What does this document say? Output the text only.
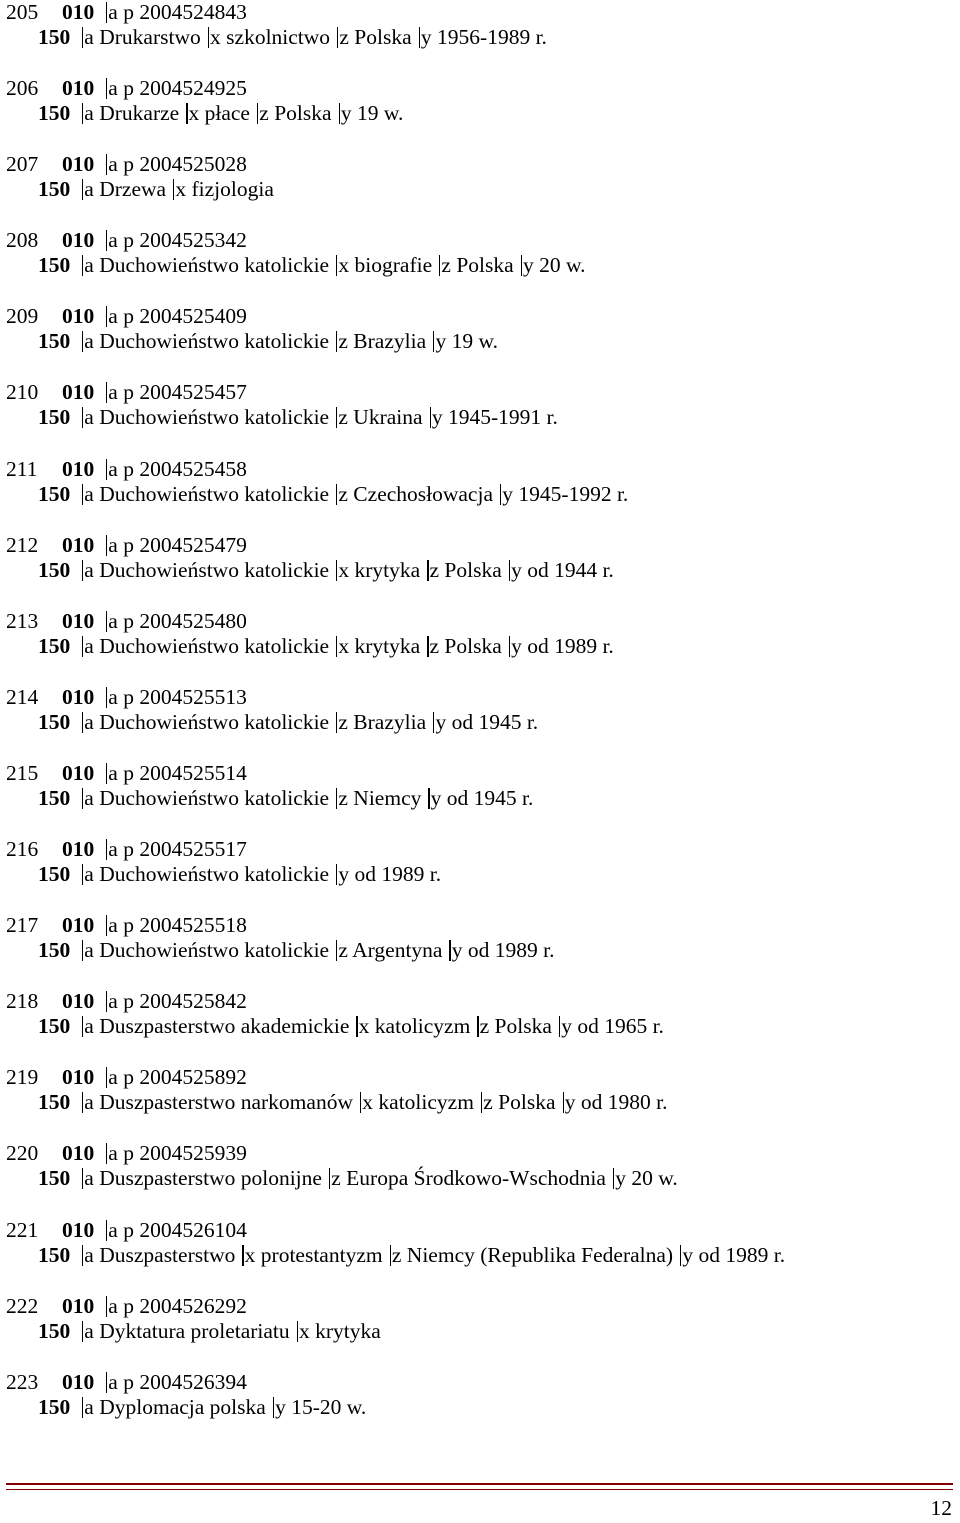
205 010 a p 2004524843
150 a Drukarstwo x szkolnictwo z Polska y 1956-1989 r.
206 010 a p 2004524925
150 a Drukarze x płace z Polska y 19 w.
207 010 a p 2004525028
150 a Drzewa x fizjologia
208 010 a p 2004525342
150 a Duchowieństwo katolickie x biografie z Polska y 20 w.
209 010 a p 2004525409
150 a Duchowieństwo katolickie z Brazylia y 19 w.
210 010 a p 2004525457
150 a Duchowieństwo katolickie z Ukraina y 1945-1991 r.
211 010 a p 2004525458
150 a Duchowieństwo katolickie z Czechosłowacja y 1945-1992 r.
212 010 a p 2004525479
150 a Duchowieństwo katolickie x krytyka z Polska y od 1944 r.
213 010 a p 2004525480
150 a Duchowieństwo katolickie x krytyka z Polska y od 1989 r.
214 010 a p 2004525513
150 a Duchowieństwo katolickie z Brazylia y od 1945 r.
215 010 a p 2004525514
150 a Duchowieństwo katolickie z Niemcy y od 1945 r.
216 010 a p 2004525517
150 a Duchowieństwo katolickie y od 1989 r.
217 010 a p 2004525518
150 a Duchowieństwo katolickie z Argentyna y od 1989 r.
218 010 a p 2004525842
150 a Duszpasterstwo akademickie x katolicyzm z Polska y od 1965 r.
219 010 a p 2004525892
150 a Duszpasterstwo narkomanów x katolicyzm z Polska y od 1980 r.
220 010 a p 2004525939
150 a Duszpasterstwo polonijne z Europa Środkowo-Wschodnia y 20 w.
221 010 a p 2004526104
150 a Duszpasterstwo x protestantyzm z Niemcy (Republika Federalna) y od 1989 r.
222 010 a p 2004526292
150 a Dyktatura proletariatu x krytyka
223 010 a p 2004526394
150 a Dyplomacja polska y 15-20 w.
12
